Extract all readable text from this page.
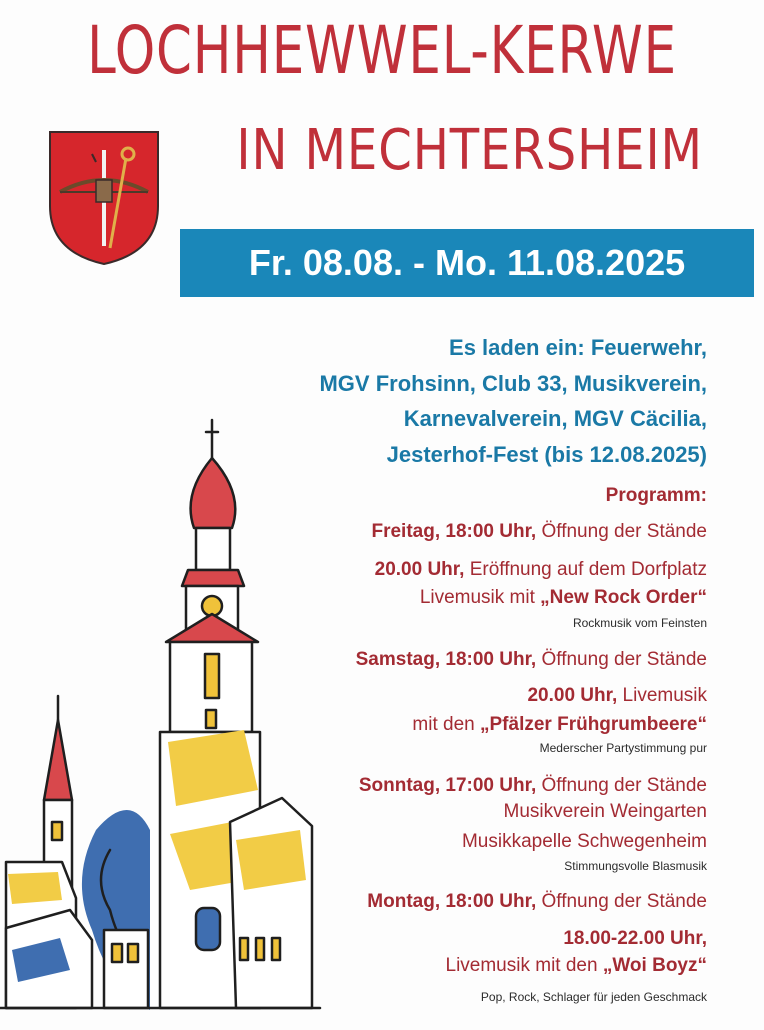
LOCHHEWWEL-KERWE
IN MECHTERSHEIM
Fr. 08.08. - Mo. 11.08.2025
Es laden ein: Feuerwehr,
MGV Frohsinn, Club 33, Musikverein,
Karnevalverein, MGV Cäcilia,
Jesterhof-Fest (bis 12.08.2025)
Programm:
Freitag, 18:00 Uhr, Öffnung der Stände
20.00 Uhr, Eröffnung auf dem Dorfplatz
Livemusik mit „New Rock Order“
Rockmusik vom Feinsten
Samstag, 18:00 Uhr, Öffnung der Stände
20.00 Uhr, Livemusik
mit den „Pfälzer Frühgrumbeere“
Mederscher Partystimmung pur
Sonntag, 17:00 Uhr, Öffnung der Stände
Musikverein Weingarten
Musikkapelle Schwegenheim
Stimmungsvolle Blasmusik
Montag, 18:00 Uhr, Öffnung der Stände
18.00-22.00 Uhr,
Livemusik mit den „Woi Boyz“
Pop, Rock, Schlager für jeden Geschmack
